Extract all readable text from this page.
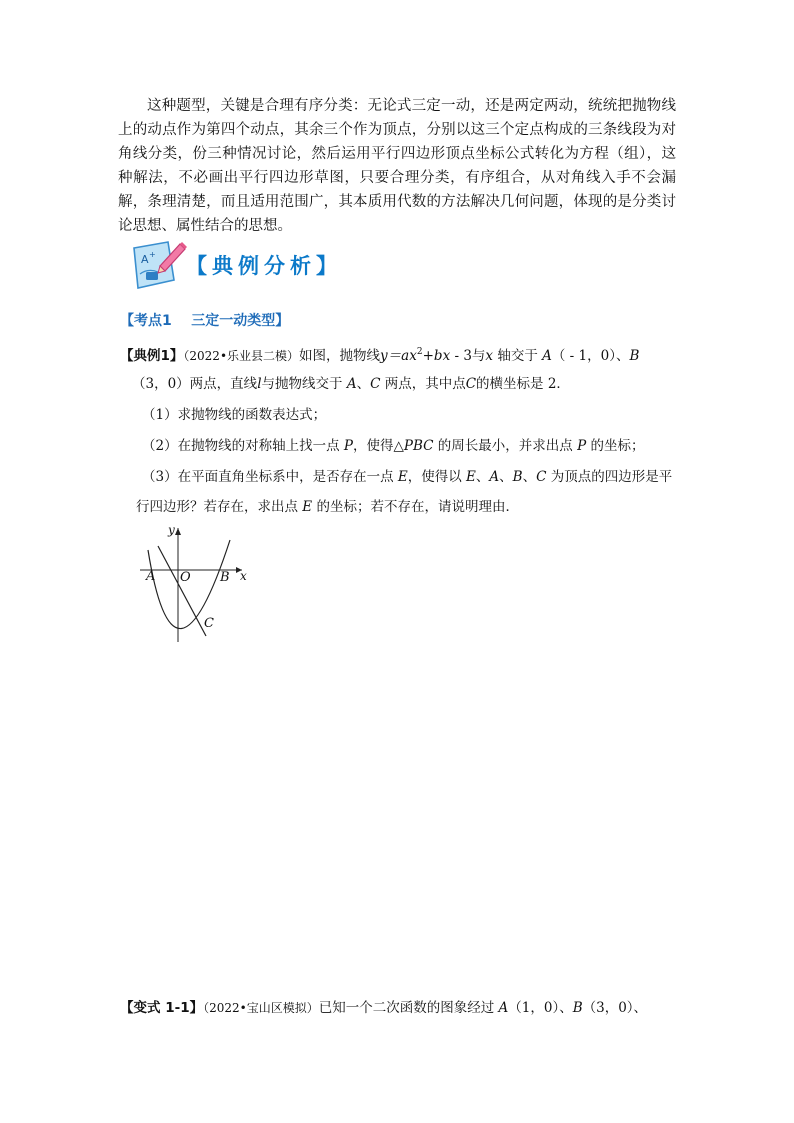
这种题型，关键是合理有序分类：无论式三定一动，还是两定两动，统统把抛物线上的动点作为第四个动点，其余三个作为顶点，分别以这三个定点构成的三条线段为对角线分类，份三种情况讨论，然后运用平行四边形顶点坐标公式转化为方程（组），这种解法，不必画出平行四边形草图，只要合理分类，有序组合，从对角线入手不会漏解，条理清楚，而且适用范围广，其本质用代数的方法解决几何问题，体现的是分类讨论思想、属性结合的思想。

A + 【典例分析】
【考点1    三定一动类型】
【典例1】（2022•乐业县二模）如图，抛物线$y=ax^2+bx - 3$与x 轴交于 A（ - 1，0）、B
（3，0）两点，直线l与抛物线交于 A、C 两点，其中点C的横坐标是 2．
（1）求抛物线的函数表达式；
（2）在抛物线的对称轴上找一点 P，使得△PBC 的周长最小，并求出点 P 的坐标；
（3）在平面直角坐标系中，是否存在一点 E，使得以 E、A、B、C 为顶点的四边形是平
行四边形？若存在，求出点 E 的坐标；若不存在，请说明理由．
A O B x
y
C
【变式 1-1】（2022•宝山区模拟）已知一个二次函数的图象经过 A（1，0）、B（3，0）、
